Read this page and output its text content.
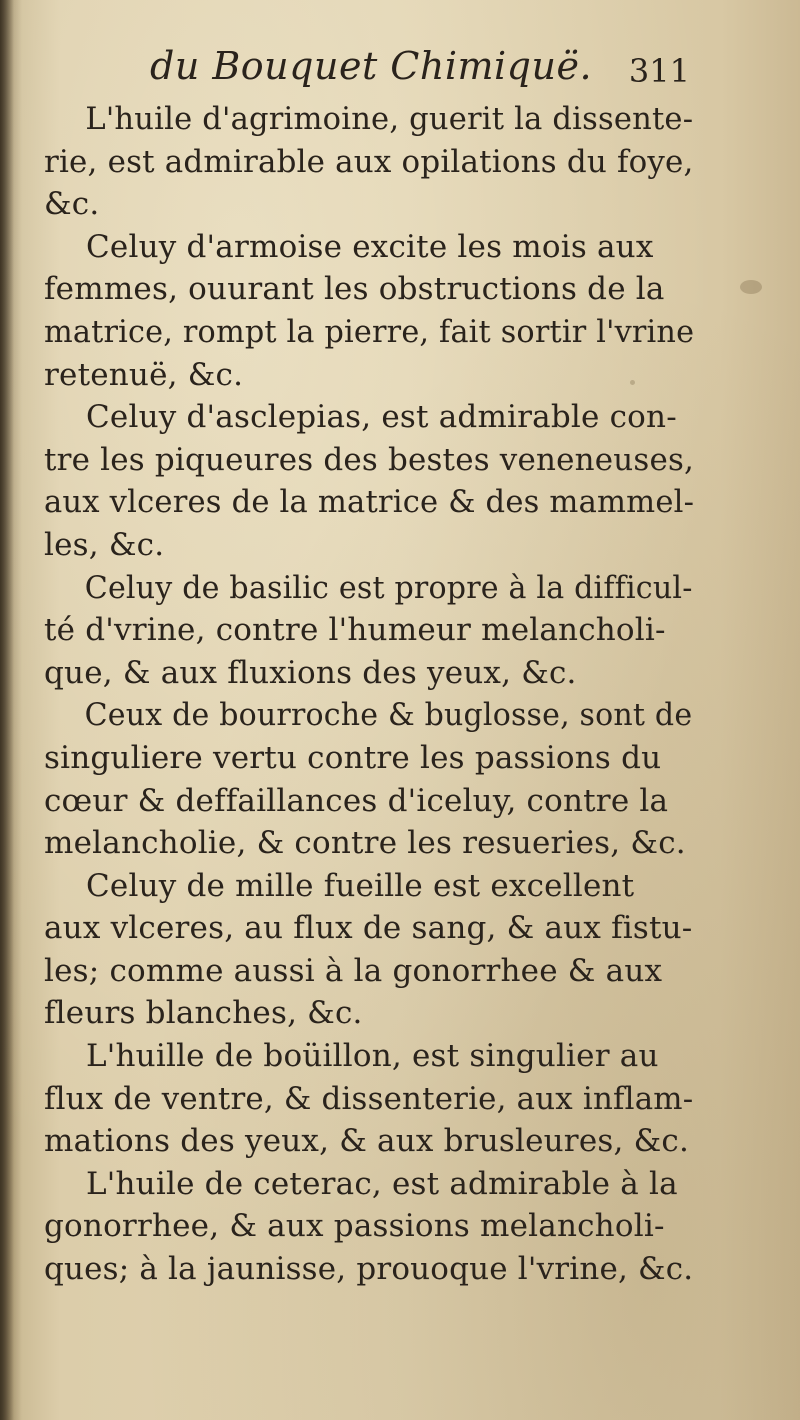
du Bouquet Chimiquë. 311

L'huile d'agrimoine, guerit la dissente-
rie, est admirable aux opilations du foye,
&c.

Celuy d'armoise excite les mois aux
femmes, ouurant les obstructions de la
matrice, rompt la pierre, fait sortir l'vrine
retenuë, &c.

Celuy d'asclepias, est admirable con-
tre les piqueures des bestes veneneuses,
aux vlceres de la matrice & des mammel-
les, &c.

Celuy de basilic est propre à la difficul-
té d'vrine, contre l'humeur melancholi-
que, & aux fluxions des yeux, &c.

Ceux de bourroche & buglosse, sont de
singuliere vertu contre les passions du
cœur & deffaillances d'iceluy, contre la
melancholie, & contre les resueries, &c.

Celuy de mille fueille est excellent
aux vlceres, au flux de sang, & aux fistu-
les; comme aussi à la gonorrhee & aux
fleurs blanches, &c.

L'huille de boüillon, est singulier au
flux de ventre, & dissenterie, aux inflam-
mations des yeux, & aux brusleures, &c.

L'huile de ceterac, est admirable à la
gonorrhee, & aux passions melancholi-
ques; à la jaunisse, prouoque l'vrine, &c.
